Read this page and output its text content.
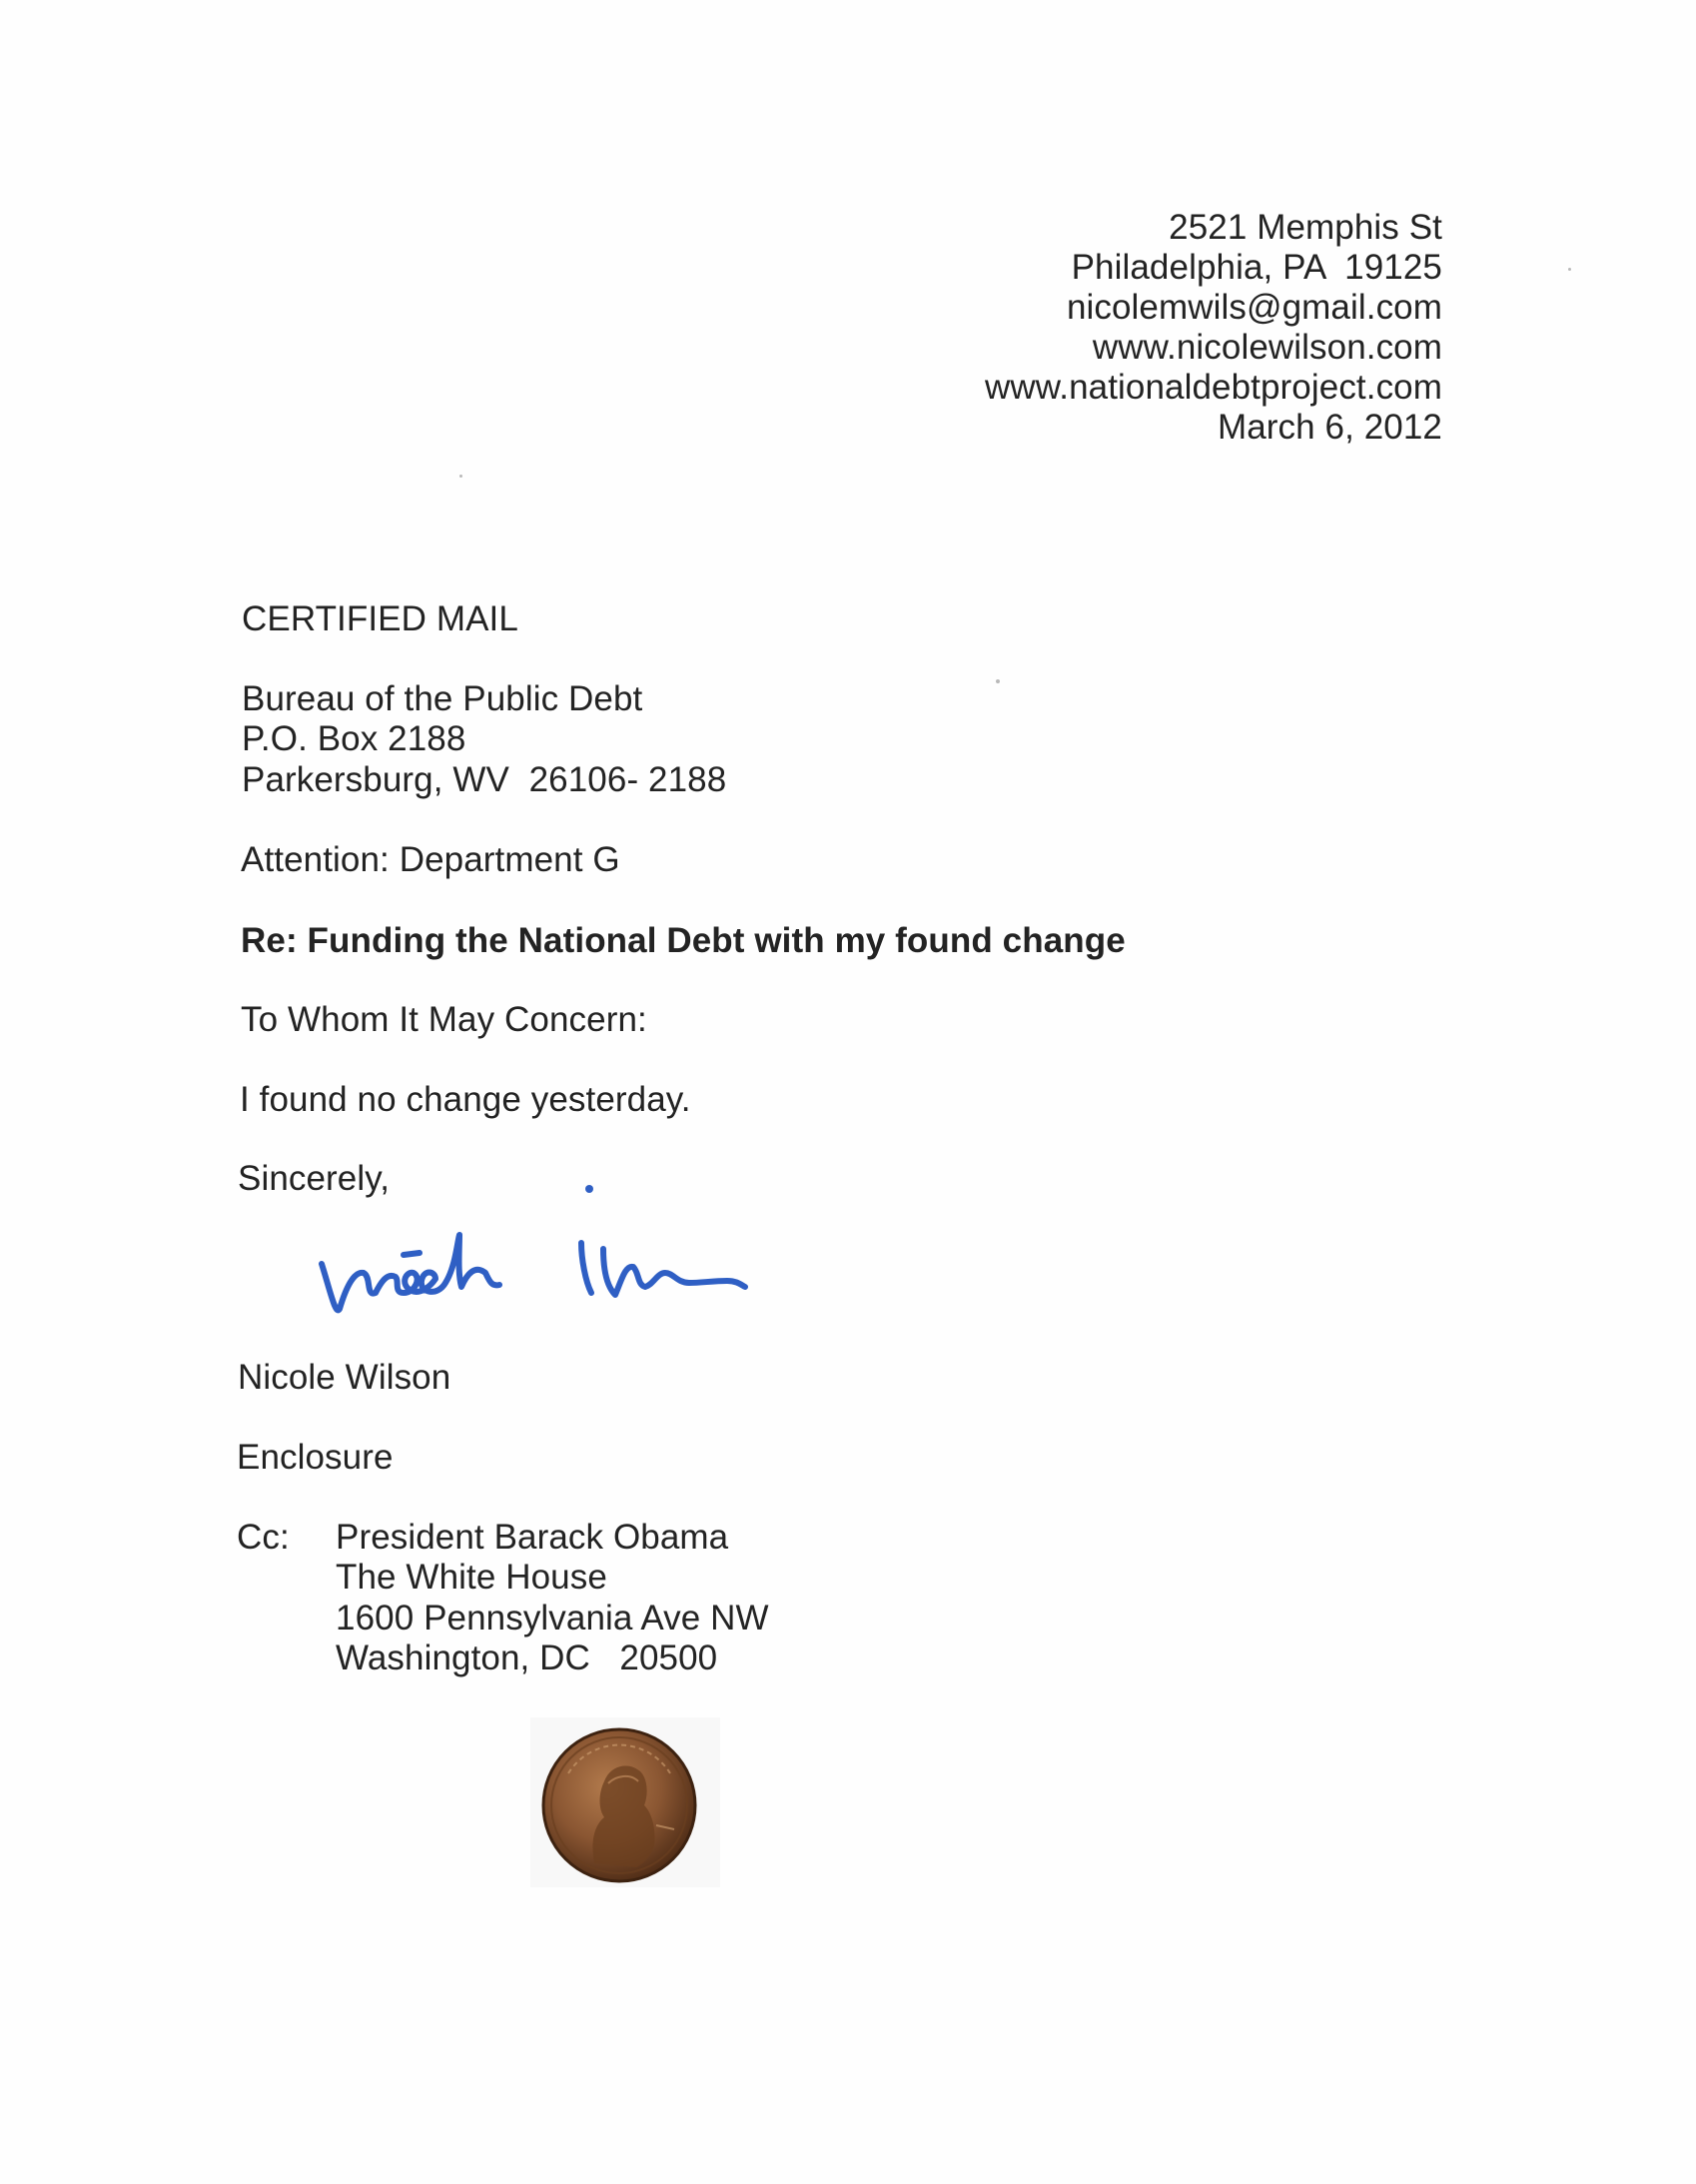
2521 Memphis St
Philadelphia, PA  19125
nicolemwils@gmail.com
www.nicolewilson.com
www.nationaldebtproject.com
March 6, 2012
CERTIFIED MAIL
Bureau of the Public Debt
P.O. Box 2188
Parkersburg, WV  26106- 2188
Attention: Department G
Re: Funding the National Debt with my found change
To Whom It May Concern:
I found no change yesterday.
Sincerely,
Nicole Wilson
Enclosure
Cc: President Barack Obama
The White House
1600 Pennsylvania Ave NW
Washington, DC   20500
